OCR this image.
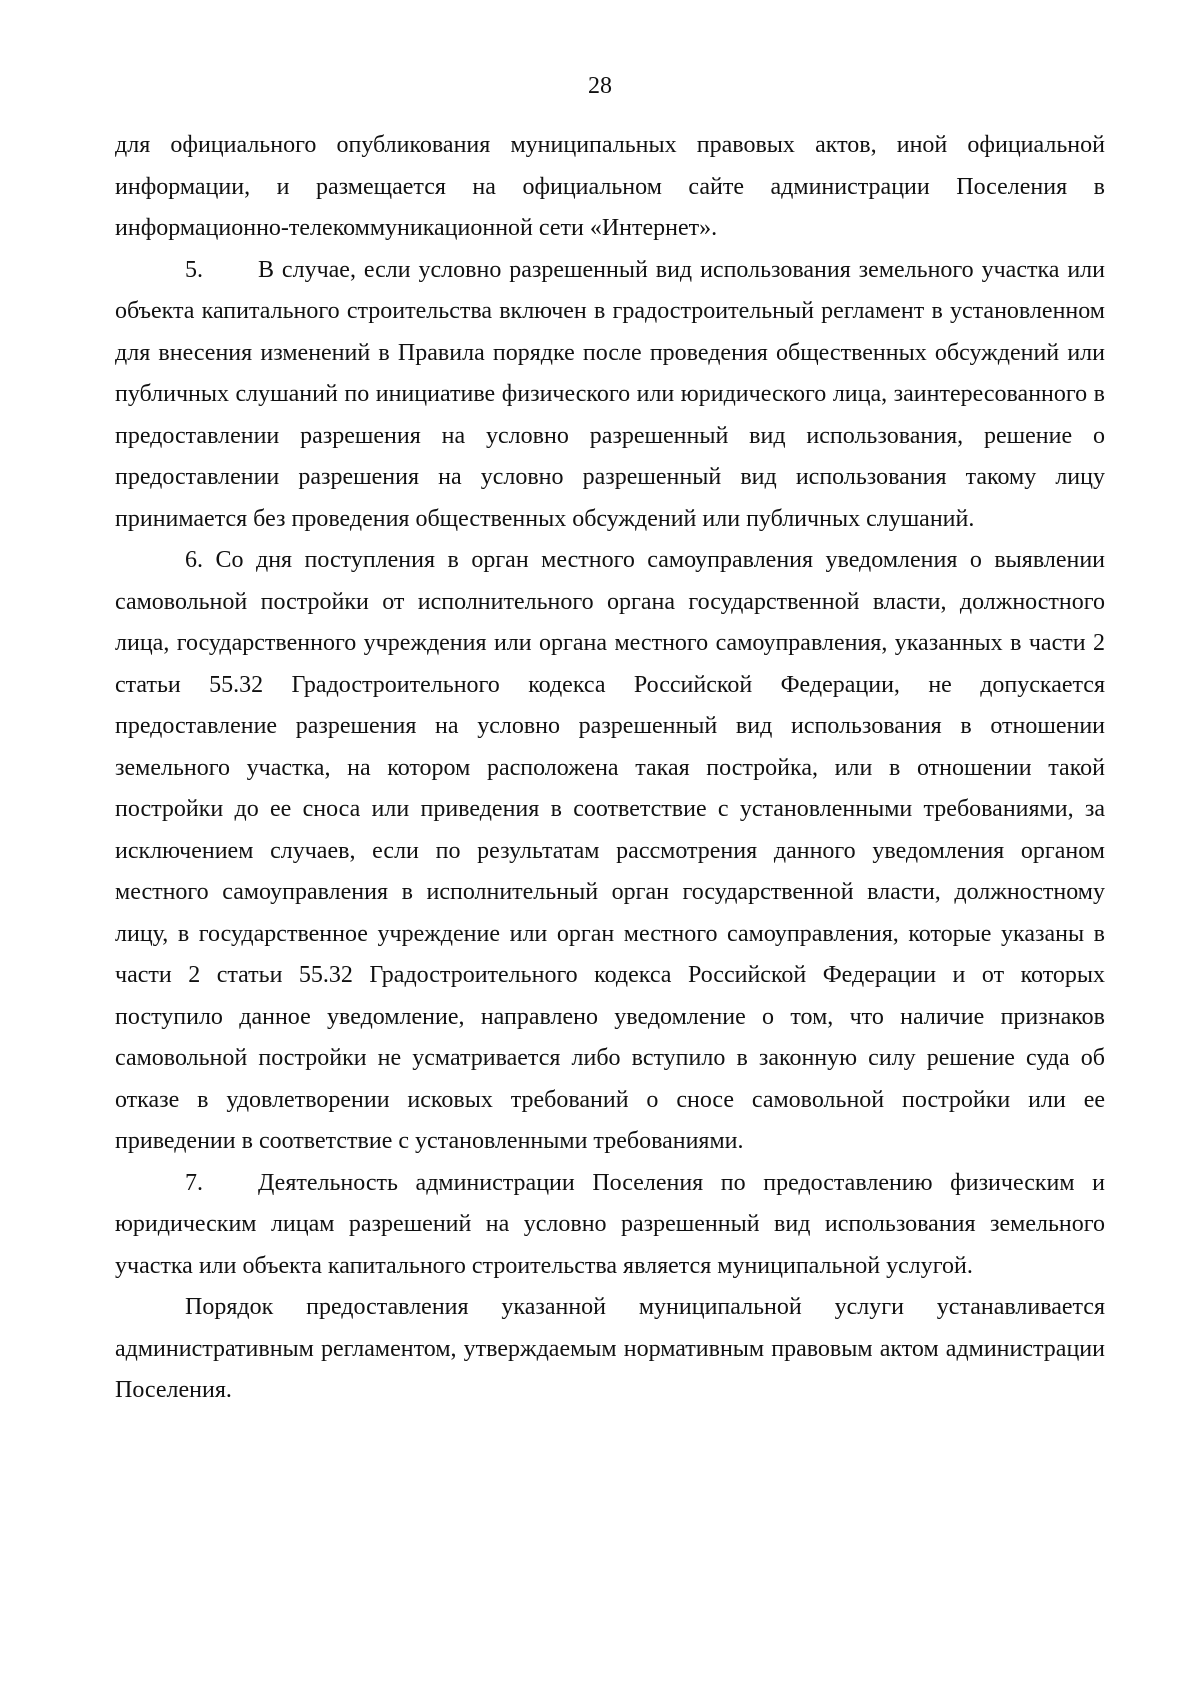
28

для официального опубликования муниципальных правовых актов, иной официальной информации, и размещается на официальном сайте администрации Поселения в информационно-телекоммуникационной сети «Интернет».

5. В случае, если условно разрешенный вид использования земельного участка или объекта капитального строительства включен в градостроительный регламент в установленном для внесения изменений в Правила порядке после проведения общественных обсуждений или публичных слушаний по инициативе физического или юридического лица, заинтересованного в предоставлении разрешения на условно разрешенный вид использования, решение о предоставлении разрешения на условно разрешенный вид использования такому лицу принимается без проведения общественных обсуждений или публичных слушаний.

6. Со дня поступления в орган местного самоуправления уведомления о выявлении самовольной постройки от исполнительного органа государственной власти, должностного лица, государственного учреждения или органа местного самоуправления, указанных в части 2 статьи 55.32 Градостроительного кодекса Российской Федерации, не допускается предоставление разрешения на условно разрешенный вид использования в отношении земельного участка, на котором расположена такая постройка, или в отношении такой постройки до ее сноса или приведения в соответствие с установленными требованиями, за исключением случаев, если по результатам рассмотрения данного уведомления органом местного самоуправления в исполнительный орган государственной власти, должностному лицу, в государственное учреждение или орган местного самоуправления, которые указаны в части 2 статьи 55.32 Градостроительного кодекса Российской Федерации и от которых поступило данное уведомление, направлено уведомление о том, что наличие признаков самовольной постройки не усматривается либо вступило в законную силу решение суда об отказе в удовлетворении исковых требований о сносе самовольной постройки или ее приведении в соответствие с установленными требованиями.

7. Деятельность администрации Поселения по предоставлению физическим и юридическим лицам разрешений на условно разрешенный вид использования земельного участка или объекта капитального строительства является муниципальной услугой.

Порядок предоставления указанной муниципальной услуги устанавливается административным регламентом, утверждаемым нормативным правовым актом администрации Поселения.
